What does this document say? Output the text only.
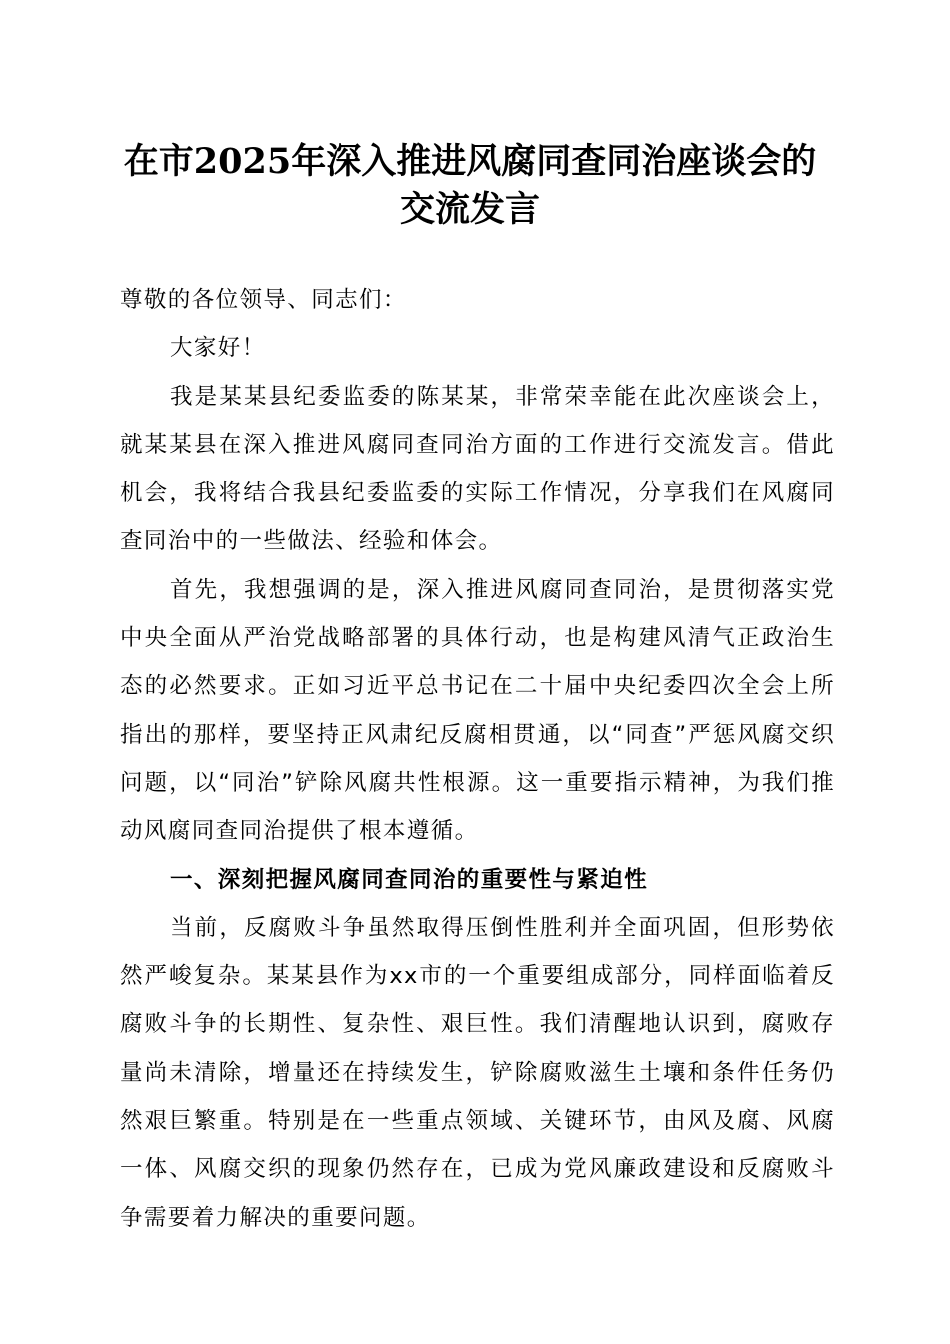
在市2025年深入推进风腐同查同治座谈会的
交流发言

尊敬的各位领导、同志们：

大家好！

我是某某县纪委监委的陈某某，非常荣幸能在此次座谈会上，就某某县在深入推进风腐同查同治方面的工作进行交流发言。借此机会，我将结合我县纪委监委的实际工作情况，分享我们在风腐同查同治中的一些做法、经验和体会。

首先，我想强调的是，深入推进风腐同查同治，是贯彻落实党中央全面从严治党战略部署的具体行动，也是构建风清气正政治生态的必然要求。正如习近平总书记在二十届中央纪委四次全会上所指出的那样，要坚持正风肃纪反腐相贯通，以“同查”严惩风腐交织问题，以“同治”铲除风腐共性根源。这一重要指示精神，为我们推动风腐同查同治提供了根本遵循。

一、深刻把握风腐同查同治的重要性与紧迫性

当前，反腐败斗争虽然取得压倒性胜利并全面巩固，但形势依然严峻复杂。某某县作为xx市的一个重要组成部分，同样面临着反腐败斗争的长期性、复杂性、艰巨性。我们清醒地认识到，腐败存量尚未清除，增量还在持续发生，铲除腐败滋生土壤和条件任务仍然艰巨繁重。特别是在一些重点领域、关键环节，由风及腐、风腐一体、风腐交织的现象仍然存在，已成为党风廉政建设和反腐败斗争需要着力解决的重要问题。
